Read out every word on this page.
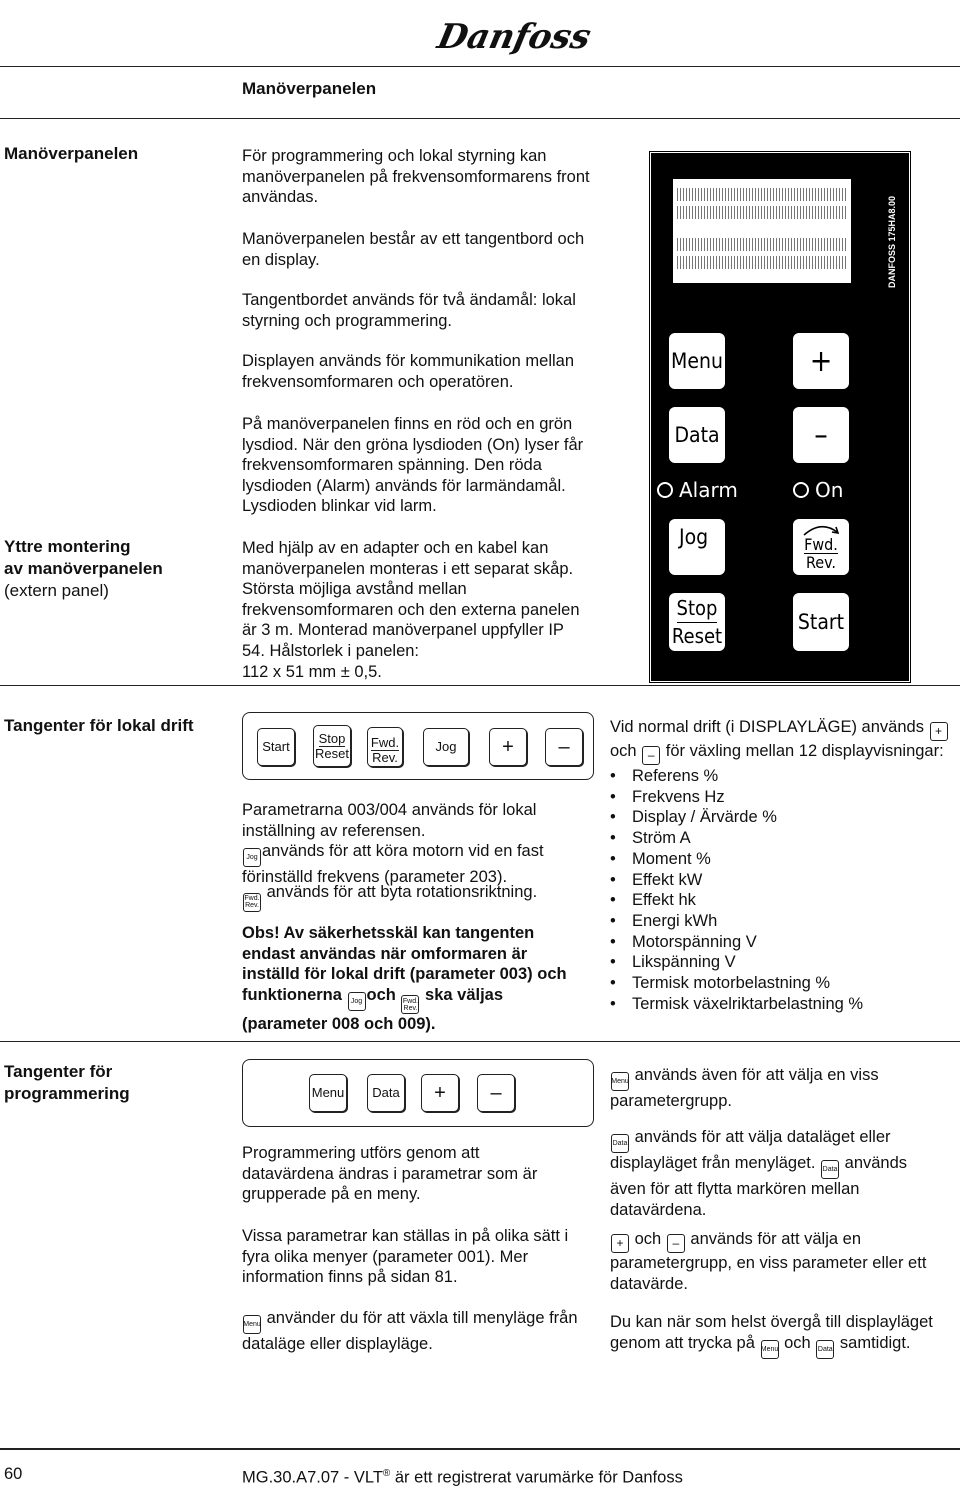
Danfoss
Manöverpanelen
Manöverpanelen	För programmering och lokal styrning kan manöverpanelen på frekvensomformarens front användas.

Manöverpanelen består av ett tangentbord och en display.

Tangentbordet används för två ändamål: lokal styrning och programmering.

Displayen används för kommunikation mellan frekvensomformaren och operatören.

På manöverpanelen finns en röd och en grön lysdiod. När den gröna lysdioden (On) lyser får frekvensomformaren spänning. Den röda lysdioden (Alarm) används för larmändamål. Lysdioden blinkar vid larm.

Yttre montering
av manöverpanelen
(extern panel)

Med hjälp av en adapter och en kabel kan manöverpanelen monteras i ett separat skåp. Största möjliga avstånd mellan frekvensomformaren och den externa panelen är 3 m. Monterad manöverpanel uppfyller IP 54. Hålstorlek i panelen:

112 x 51 mm ± 0,5.

DANFOSS 175HA8.00
Menu	+
Data	–
Alarm	On
Jog	Fwd.
Rev.
Stop
Reset
Start
Tangenter för lokal drift
Start
Stop
Reset
Fwd.
Rev.
Jog + –

Parametrarna 003/004 används för lokal inställning av referensen.

Jog används för att köra motorn vid en fast förinställd frekvens (parameter 203).

Fwd.
Rev.
används för att byta rotationsriktning.

Obs! Av säkerhetsskäl kan tangenten endast användas när omformaren är inställd för lokal drift (parameter 003) och funktionerna Jog och Fwd.
Rev.
ska väljas (parameter 008 och 009).

Vid normal drift (i DISPLAYLÄGE) används +
och – för växling mellan 12 displayvisningar:

• Referens %
• Frekvens Hz
• Display / Ärvärde %
• Ström A
• Moment %
• Effekt kW
• Effekt hk
• Energi kWh
• Motorspänning V
• Likspänning V
• Termisk motorbelastning %
• Termisk växelriktarbelastning %
Tangenter för
programmering	Menu Data + –

Programmering utförs genom att datavärdena ändras i parametrar som är grupperade på en meny.

Vissa parametrar kan ställas in på olika sätt i fyra olika menyer (parameter 001). Mer information finns på sidan 81.

Menu använder du för att växla till menyläge från dataläge eller displayläge.

Menu används även för att välja en viss parametergrupp.

Data används för att välja dataläget eller displayläget från menyläget. Data används även för att flytta markören mellan datavärdena.

+ och – används för att välja en parametergrupp, en viss parameter eller ett datavärde.

Du kan när som helst övergå till displayläget genom att trycka på Menu och Data samtidigt.

60	MG.30.A7.07 - VLT® är ett registrerat varumärke för Danfoss
